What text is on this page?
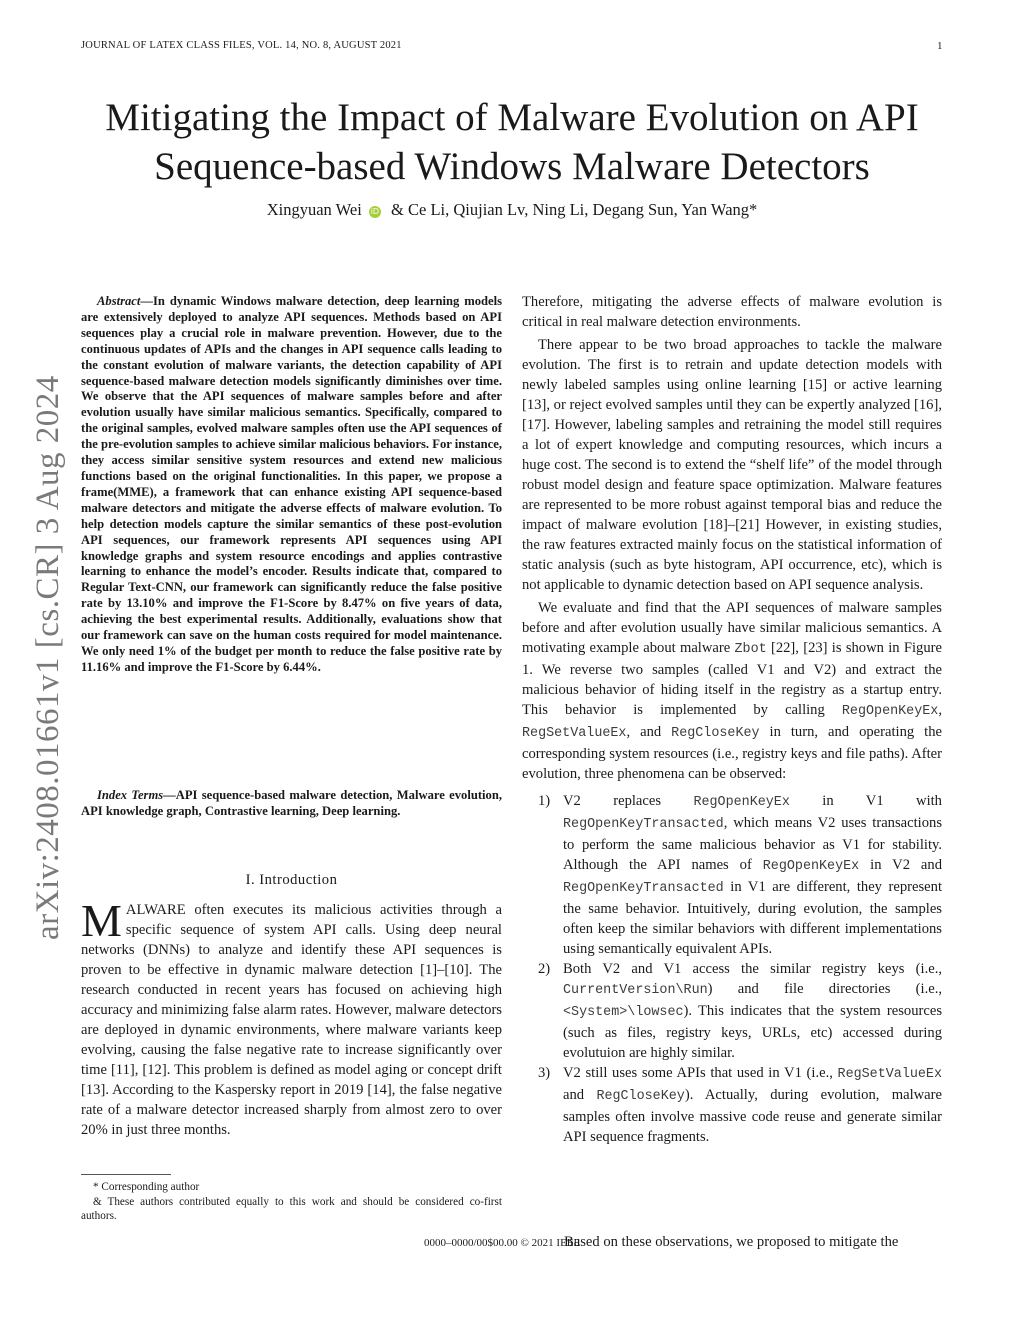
JOURNAL OF LATEX CLASS FILES, VOL. 14, NO. 8, AUGUST 2021	1
arXiv:2408.01661v1 [cs.CR] 3 Aug 2024
Mitigating the Impact of Malware Evolution on API
Sequence-based Windows Malware Detectors
Xingyuan Wei iD & Ce Li, Qiujian Lv, Ning Li, Degang Sun, Yan Wang*
Abstract—In dynamic Windows malware detection, deep learning models are extensively deployed to analyze API sequences. Methods based on API sequences play a crucial role in malware prevention. However, due to the continuous updates of APIs and the changes in API sequence calls leading to the constant evolution of malware variants, the detection capability of API sequence-based malware detection models significantly diminishes over time. We observe that the API sequences of malware samples before and after evolution usually have similar malicious semantics. Specifically, compared to the original samples, evolved malware samples often use the API sequences of the pre-evolution samples to achieve similar malicious behaviors. For instance, they access similar sensitive system resources and extend new malicious functions based on the original functionalities. In this paper, we propose a frame(MME), a framework that can enhance existing API sequence-based malware detectors and mitigate the adverse effects of malware evolution. To help detection models capture the similar semantics of these post-evolution API sequences, our framework represents API sequences using API knowledge graphs and system resource encodings and applies contrastive learning to enhance the model’s encoder. Results indicate that, compared to Regular Text-CNN, our framework can significantly reduce the false positive rate by 13.10% and improve the F1-Score by 8.47% on five years of data, achieving the best experimental results. Additionally, evaluations show that our framework can save on the human costs required for model maintenance. We only need 1% of the budget per month to reduce the false positive rate by 11.16% and improve the F1-Score by 6.44%.
Index Terms—API sequence-based malware detection, Malware evolution, API knowledge graph, Contrastive learning, Deep learning.
I. Introduction
MALWARE often executes its malicious activities through a specific sequence of system API calls. Using deep neural networks (DNNs) to analyze and identify these API sequences is proven to be effective in dynamic malware detection [1]–[10]. The research conducted in recent years has focused on achieving high accuracy and minimizing false alarm rates. However, malware detectors are deployed in dynamic environments, where malware variants keep evolving, causing the false negative rate to increase significantly over time [11], [12]. This problem is defined as model aging or concept drift [13]. According to the Kaspersky report in 2019 [14], the false negative rate of a malware detector increased sharply from almost zero to over 20% in just three months.

* Corresponding author

& These authors contributed equally to this work and should be considered co-first authors.

Therefore, mitigating the adverse effects of malware evolution is critical in real malware detection environments.

There appear to be two broad approaches to tackle the malware evolution. The first is to retrain and update detection models with newly labeled samples using online learning [15] or active learning [13], or reject evolved samples until they can be expertly analyzed [16], [17]. However, labeling samples and retraining the model still requires a lot of expert knowledge and computing resources, which incurs a huge cost. The second is to extend the “shelf life” of the model through robust model design and feature space optimization. Malware features are represented to be more robust against temporal bias and reduce the impact of malware evolution [18]–[21] However, in existing studies, the raw features extracted mainly focus on the statistical information of static analysis (such as byte histogram, API occurrence, etc), which is not applicable to dynamic detection based on API sequence analysis.

We evaluate and find that the API sequences of malware samples before and after evolution usually have similar malicious semantics. A motivating example about malware Zbot [22], [23] is shown in Figure 1. We reverse two samples (called V1 and V2) and extract the malicious behavior of hiding itself in the registry as a startup entry. This behavior is implemented by calling RegOpenKeyEx, RegSetValueEx, and RegCloseKey in turn, and operating the corresponding system resources (i.e., registry keys and file paths). After evolution, three phenomena can be observed:

1) V2 replaces RegOpenKeyEx in V1 with RegOpenKeyTransacted, which means V2 uses transactions to perform the same malicious behavior as V1 for stability. Although the API names of RegOpenKeyEx in V2 and RegOpenKeyTransacted in V1 are different, they represent the same behavior. Intuitively, during evolution, the samples often keep the similar behaviors with different implementations using semantically equivalent APIs.
2) Both V2 and V1 access the similar registry keys (i.e., CurrentVersion\Run) and file directories (i.e., <System>\lowsec). This indicates that the system resources (such as files, registry keys, URLs, etc) accessed during evolutuion are highly similar.
3) V2 still uses some APIs that used in V1 (i.e., RegSetValueEx and RegCloseKey). Actually, during evolution, malware samples often involve massive code reuse and generate similar API sequence fragments.
0000–0000/00$00.00 © 2021 IEEE
Based on these observations, we proposed to mitigate the
